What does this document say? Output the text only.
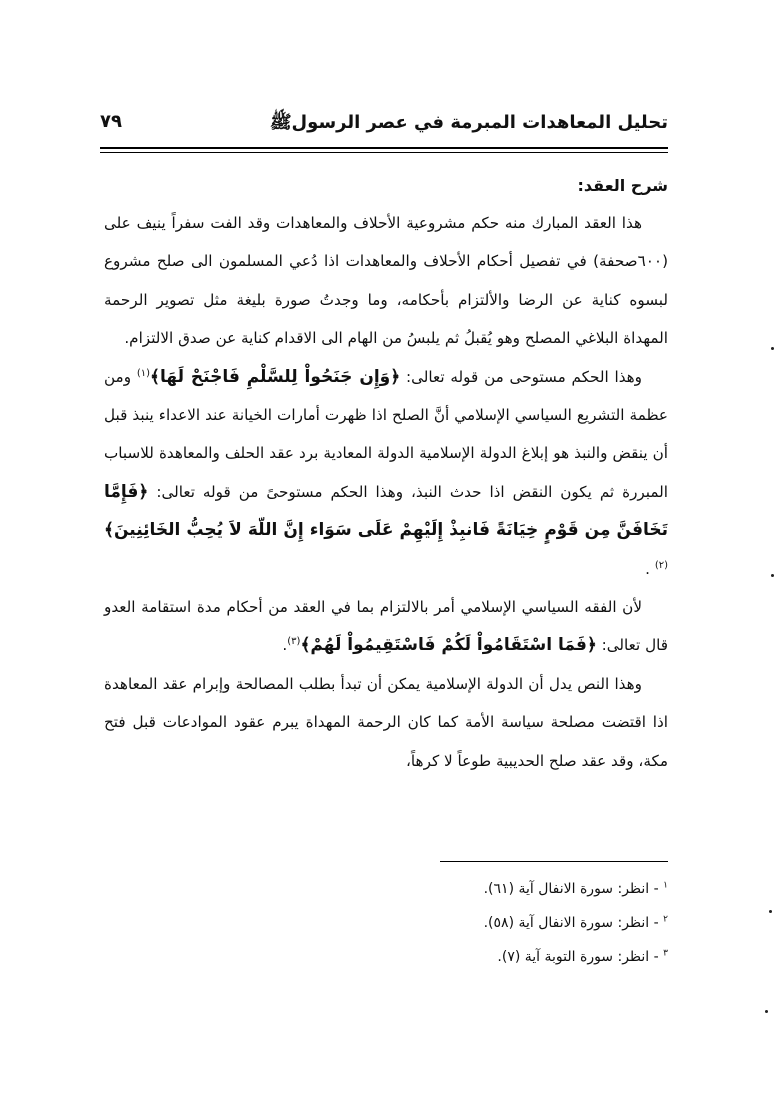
تحليل المعاهدات المبرمة في عصر الرسولﷺ
٧٩

شرح العقد:

هذا العقد المبارك منه حكم مشروعية الأحلاف والمعاهدات وقد الفت سفراً ينيف على (٦٠٠صحفة) في تفصيل أحكام الأحلاف والمعاهدات اذا دُعي المسلمون الى صلح مشروع لبسوه كناية عن الرضا والألتزام بأحكامه، وما وجدتُ صورة بليغة مثل تصوير الرحمة المهداة البلاغي المصلح وهو يُقبلُ ثم يلبسُ من الهام الى الاقدام كناية عن صدق الالتزام.

وهذا الحكم مستوحى من قوله تعالى: ﴿وَإِن جَنَحُواْ لِلسَّلْمِ فَاجْنَحْ لَهَا﴾$^{(١)}$ ومن عظمة التشريع السياسي الإسلامي أنَّ الصلح اذا ظهرت أمارات الخيانة عند الاعداء ينبذ قبل أن ينقض والنبذ هو إبلاغ الدولة الإسلامية الدولة المعادية برد عقد الحلف والمعاهدة للاسباب المبررة ثم يكون النقض اذا حدث النبذ، وهذا الحكم مستوحىً من قوله تعالى: ﴿فَإِمَّا تَخَافَنَّ مِن قَوْمٍ خِيَانَةً فَانبِذْ إِلَيْهِمْ عَلَى سَوَاء إِنَّ اللّهَ لاَ يُحِبُّ الخَائِنِينَ﴾$^{(٢)}$ .

لأن الفقه السياسي الإسلامي أمر بالالتزام بما في العقد من أحكام مدة استقامة العدو قال تعالى: ﴿فَمَا اسْتَقَامُواْ لَكُمْ فَاسْتَقِيمُواْ لَهُمْ﴾$^{(٣)}$.

وهذا النص يدل أن الدولة الإسلامية يمكن أن تبدأ بطلب المصالحة وإبرام عقد المعاهدة اذا اقتضت مصلحة سياسة الأمة كما كان الرحمة المهداة يبرم عقود الموادعات قبل فتح مكة، وقد عقد صلح الحديبية طوعاً لا كرهاً،

$^١$ - انظر: سورة الانفال آية (٦١).

$^٢$ - انظر: سورة الانفال آية (٥٨).

$^٣$ - انظر: سورة التوبة آية (٧).
